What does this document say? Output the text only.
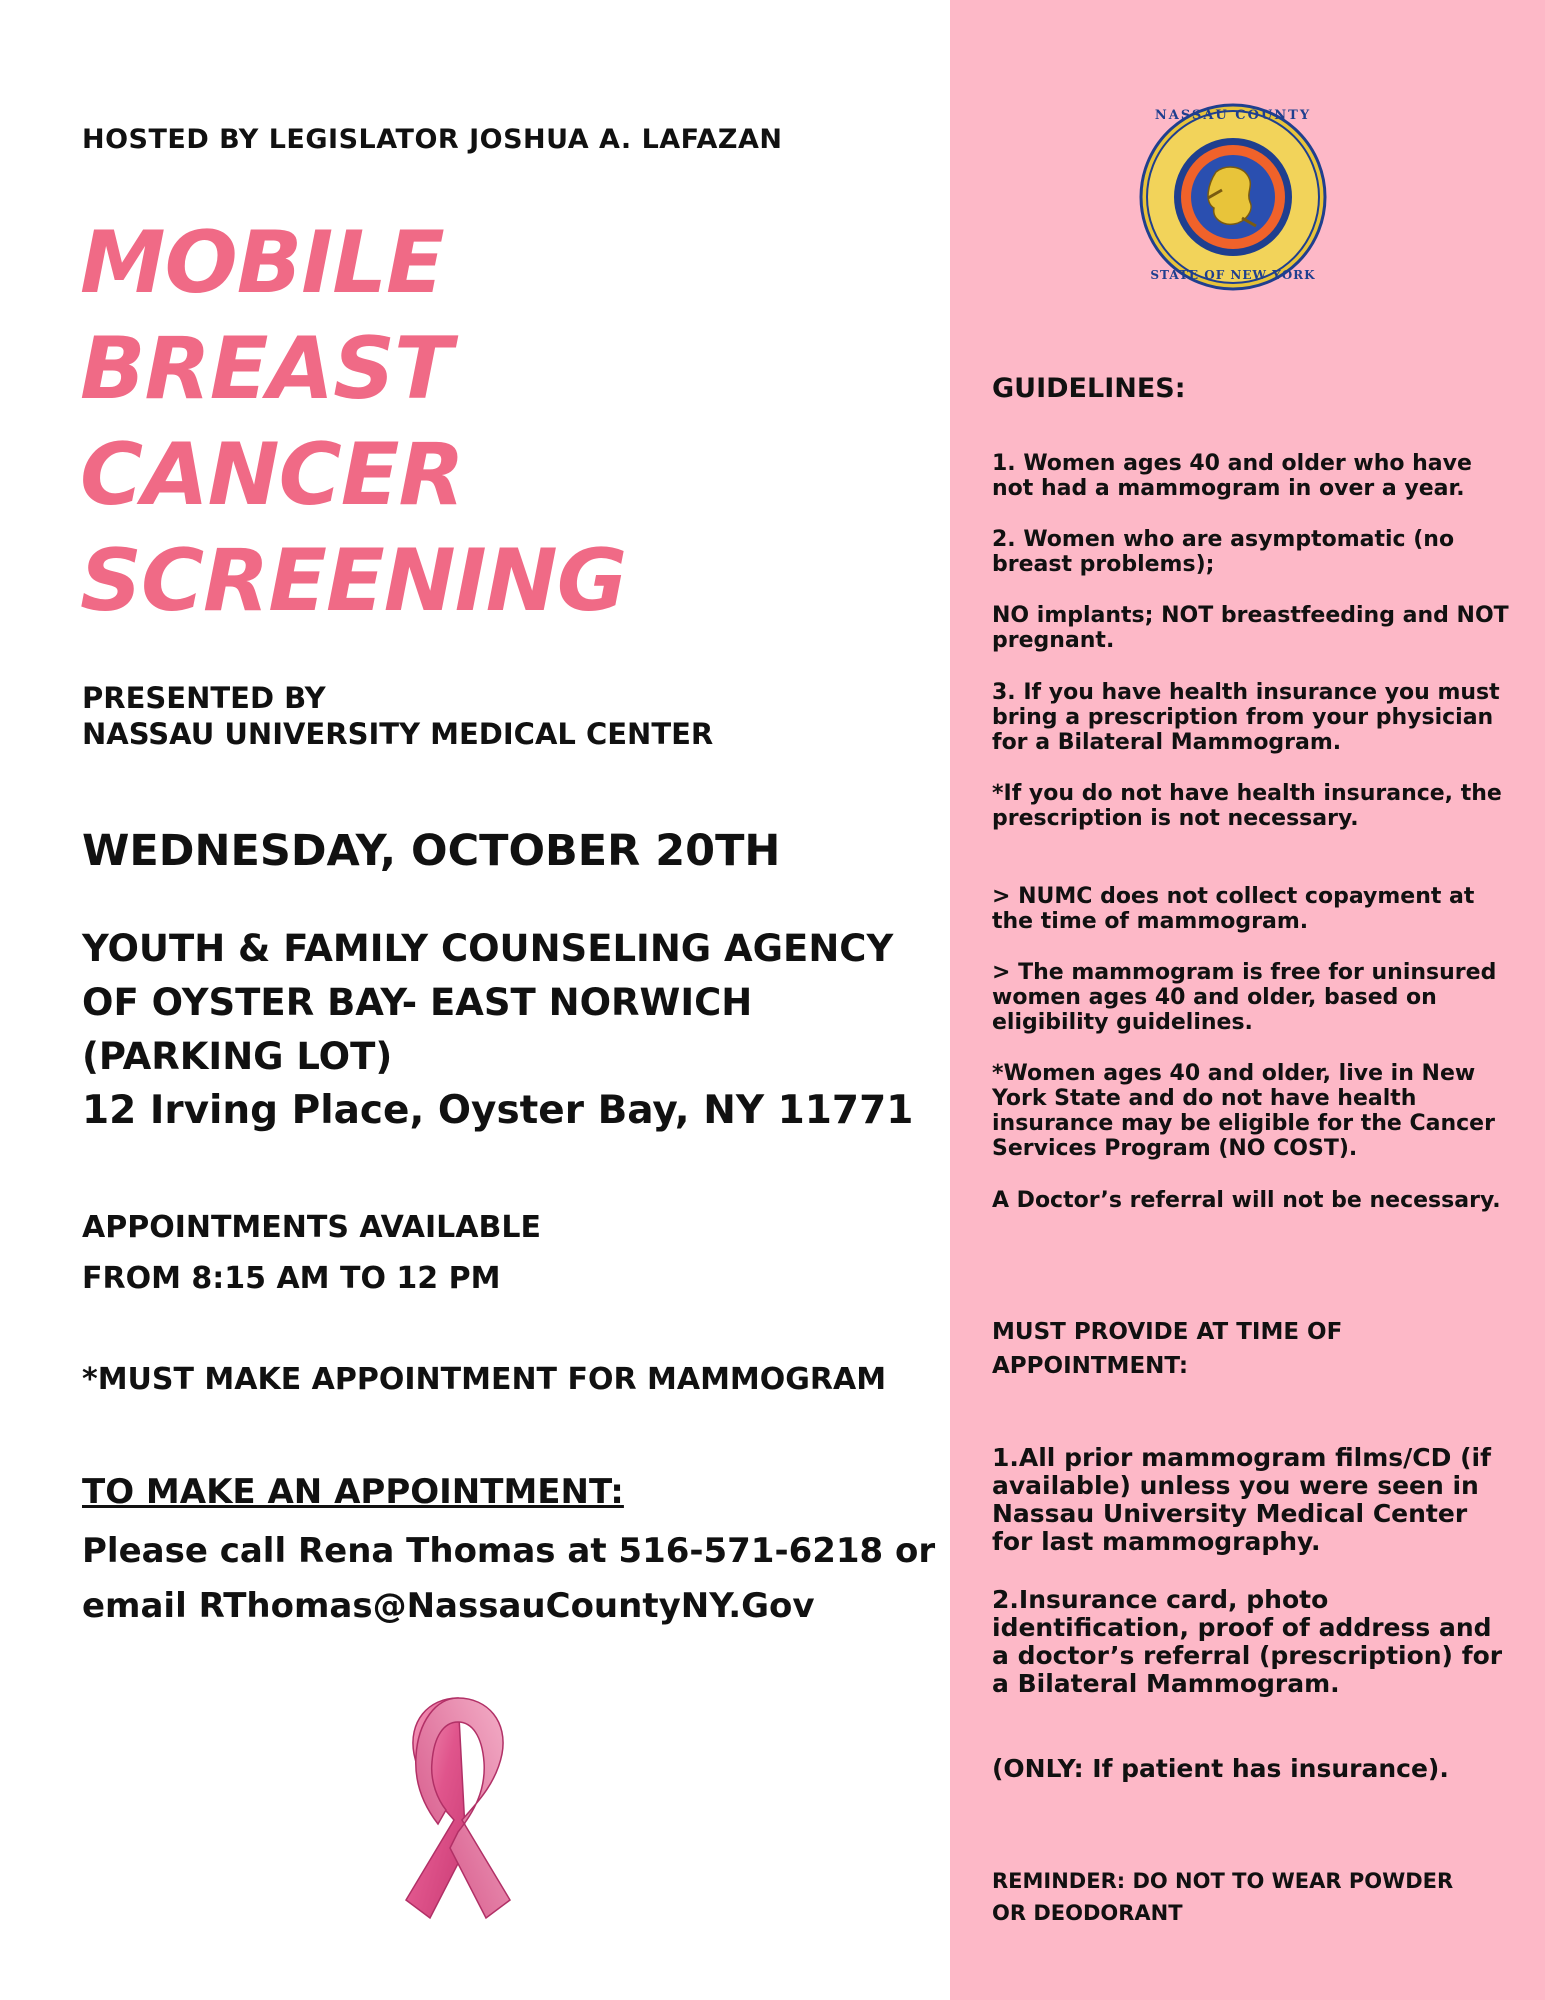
HOSTED BY LEGISLATOR JOSHUA A. LAFAZAN
MOBILE
BREAST
CANCER
SCREENING
PRESENTED BY
NASSAU UNIVERSITY MEDICAL CENTER
WEDNESDAY, OCTOBER 20TH
YOUTH & FAMILY COUNSELING AGENCY
OF OYSTER BAY- EAST NORWICH
(PARKING LOT)
12 Irving Place, Oyster Bay, NY 11771
APPOINTMENTS AVAILABLE
FROM 8:15 AM TO 12 PM
*MUST MAKE APPOINTMENT FOR MAMMOGRAM
TO MAKE AN APPOINTMENT:
Please call Rena Thomas at 516-571-6218 or
email RThomas@NassauCountyNY.Gov
NASSAU COUNTY
STATE OF NEW YORK
GUIDELINES:
1. Women ages 40 and older who have not had a mammogram in over a year.
2. Women who are asymptomatic (no breast problems);
NO implants; NOT breastfeeding and NOT pregnant.
3. If you have health insurance you must bring a prescription from your physician for a Bilateral Mammogram.
*If you do not have health insurance, the prescription is not necessary.
> NUMC does not collect copayment at the time of mammogram.
> The mammogram is free for uninsured women ages 40 and older, based on eligibility guidelines.
*Women ages 40 and older, live in New York State and do not have health insurance may be eligible for the Cancer Services Program (NO COST).
A Doctor’s referral will not be necessary.
MUST PROVIDE AT TIME OF APPOINTMENT:
1.All prior mammogram films/CD (if available) unless you were seen in Nassau University Medical Center for last mammography.
2.Insurance card, photo identification, proof of address and a doctor’s referral (prescription) for a Bilateral Mammogram.
(ONLY: If patient has insurance).
REMINDER: DO NOT TO WEAR POWDER OR DEODORANT
